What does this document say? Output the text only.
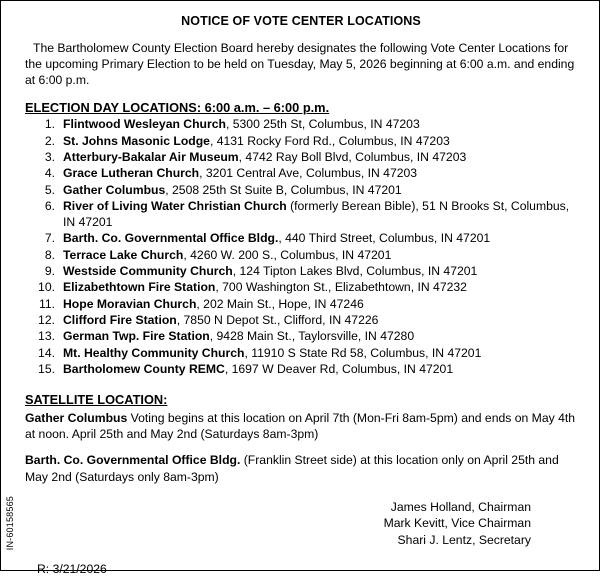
IN-60158565
NOTICE OF VOTE CENTER LOCATIONS

The Bartholomew County Election Board hereby designates the following Vote Center Locations for the upcoming Primary Election to be held on Tuesday, May 5, 2026 beginning at 6:00 a.m. and ending at 6:00 p.m.

ELECTION DAY LOCATIONS: 6:00 a.m. – 6:00 p.m.
1. Flintwood Wesleyan Church, 5300 25th St, Columbus, IN 47203
2. St. Johns Masonic Lodge, 4131 Rocky Ford Rd., Columbus, IN 47203
3. Atterbury-Bakalar Air Museum, 4742 Ray Boll Blvd, Columbus, IN 47203
4. Grace Lutheran Church, 3201 Central Ave, Columbus, IN 47203
5. Gather Columbus, 2508 25th St Suite B, Columbus, IN 47201
6. River of Living Water Christian Church (formerly Berean Bible), 51 N Brooks St, Columbus, IN 47201
7. Barth. Co. Governmental Office Bldg., 440 Third Street, Columbus, IN 47201
8. Terrace Lake Church, 4260 W. 200 S., Columbus, IN 47201
9. Westside Community Church, 124 Tipton Lakes Blvd, Columbus, IN 47201
10. Elizabethtown Fire Station, 700 Washington St., Elizabethtown, IN 47232
11. Hope Moravian Church, 202 Main St., Hope, IN 47246
12. Clifford Fire Station, 7850 N Depot St., Clifford, IN 47226
13. German Twp. Fire Station, 9428 Main St., Taylorsville, IN 47280
14. Mt. Healthy Community Church, 11910 S State Rd 58, Columbus, IN 47201
15. Bartholomew County REMC, 1697 W Deaver Rd, Columbus, IN 47201
SATELLITE LOCATION:

Gather Columbus Voting begins at this location on April 7th (Mon-Fri 8am-5pm) and ends on May 4th at noon. April 25th and May 2nd (Saturdays 8am-3pm)

Barth. Co. Governmental Office Bldg. (Franklin Street side) at this location only on April 25th and May 2nd (Saturdays only 8am-3pm)

James Holland, Chairman
Mark Kevitt, Vice Chairman
Shari J. Lentz, Secretary
R: 3/21/2026
